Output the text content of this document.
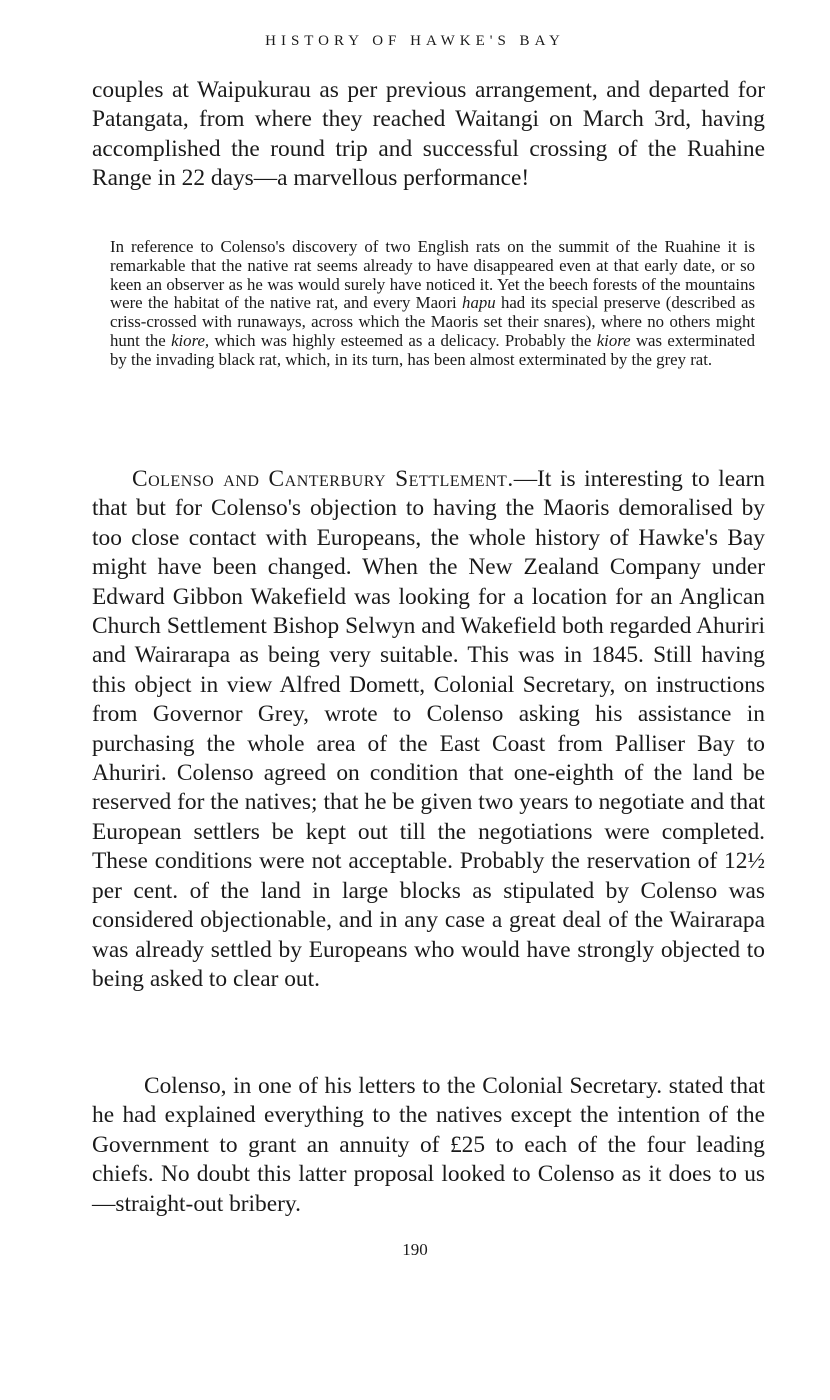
HISTORY OF HAWKE'S BAY

couples at Waipukurau as per previous arrangement, and departed for Patangata, from where they reached Waitangi on March 3rd, having accomplished the round trip and successful crossing of the Ruahine Range in 22 days—a marvellous performance!

In reference to Colenso's discovery of two English rats on the summit of the Ruahine it is remarkable that the native rat seems already to have disappeared even at that early date, or so keen an observer as he was would surely have noticed it. Yet the beech forests of the mountains were the habitat of the native rat, and every Maori hapu had its special preserve (described as criss-crossed with runaways, across which the Maoris set their snares), where no others might hunt the kiore, which was highly esteemed as a delicacy. Probably the kiore was exterminated by the invading black rat, which, in its turn, has been almost exterminated by the grey rat.

Colenso and Canterbury Settlement.—It is interesting to learn that but for Colenso's objection to having the Maoris demoralised by too close contact with Europeans, the whole history of Hawke's Bay might have been changed. When the New Zealand Company under Edward Gibbon Wakefield was looking for a location for an Anglican Church Settlement Bishop Selwyn and Wakefield both regarded Ahuriri and Wairarapa as being very suitable. This was in 1845. Still having this object in view Alfred Domett, Colonial Secretary, on instructions from Governor Grey, wrote to Colenso asking his assistance in purchasing the whole area of the East Coast from Palliser Bay to Ahuriri. Colenso agreed on condition that one-eighth of the land be reserved for the natives; that he be given two years to negotiate and that European settlers be kept out till the negotiations were completed. These conditions were not acceptable. Probably the reservation of 12½ per cent. of the land in large blocks as stipulated by Colenso was considered objectionable, and in any case a great deal of the Wairarapa was already settled by Europeans who would have strongly objected to being asked to clear out.

Colenso, in one of his letters to the Colonial Secretary. stated that he had explained everything to the natives except the intention of the Government to grant an annuity of £25 to each of the four leading chiefs. No doubt this latter proposal looked to Colenso as it does to us—straight-out bribery.

190
